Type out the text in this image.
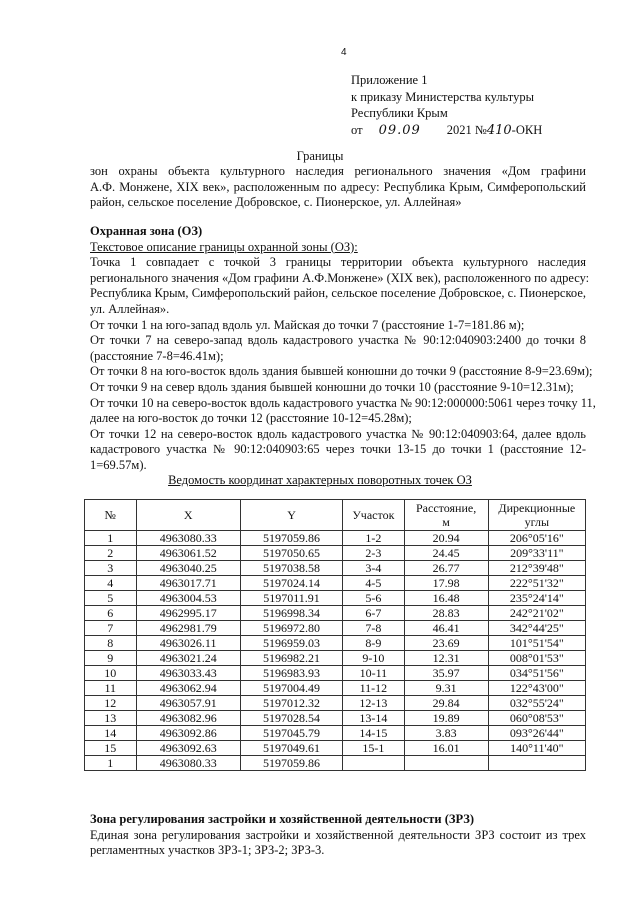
4
Приложение 1
к приказу Министерства культуры
Республики Крым
от 09.09 2021 №410-ОКН
Границы
зон охраны объекта культурного наследия регионального значения «Дом графини
А.Ф. Монжене, XIX век», расположенным по адресу: Республика Крым, Симферопольский
район, сельское поселение Добровское, с. Пионерское, ул. Аллейная»
Охранная зона (ОЗ)
Текстовое описание границы охранной зоны (ОЗ):
Точка 1 совпадает с точкой 3 границы территории объекта культурного наследия
регионального значения «Дом графини А.Ф.Монжене» (XIX век), расположенного по адресу:
Республика Крым, Симферопольский район, сельское поселение Добровское, с. Пионерское,
ул. Аллейная».
От точки 1 на юго-запад вдоль ул. Майская до точки 7 (расстояние 1-7=181.86 м);
От точки 7 на северо-запад вдоль кадастрового участка № 90:12:040903:2400 до точки 8
(расстояние 7-8=46.41м);
От точки 8 на юго-восток вдоль здания бывшей конюшни до точки 9 (расстояние 8-9=23.69м);
От точки 9 на север вдоль здания бывшей конюшни до точки 10 (расстояние 9-10=12.31м);
От точки 10 на северо-восток вдоль кадастрового участка № 90:12:000000:5061 через точку 11,
далее на юго-восток до точки 12 (расстояние 10-12=45.28м);
От точки 12 на северо-восток вдоль кадастрового участка № 90:12:040903:64, далее вдоль
кадастрового участка № 90:12:040903:65 через точки 13-15 до точки 1 (расстояние 12-
1=69.57м).
Ведомость координат характерных поворотных точек ОЗ
№	X	Y	Участок	Расстояние,
м	Дирекционные
углы
1	4963080.33	5197059.86	1-2	20.94	206°05'16"
2	4963061.52	5197050.65	2-3	24.45	209°33'11"
3	4963040.25	5197038.58	3-4	26.77	212°39'48"
4	4963017.71	5197024.14	4-5	17.98	222°51'32"
5	4963004.53	5197011.91	5-6	16.48	235°24'14"
6	4962995.17	5196998.34	6-7	28.83	242°21'02"
7	4962981.79	5196972.80	7-8	46.41	342°44'25"
8	4963026.11	5196959.03	8-9	23.69	101°51'54"
9	4963021.24	5196982.21	9-10	12.31	008°01'53"
10	4963033.43	5196983.93	10-11	35.97	034°51'56"
11	4963062.94	5197004.49	11-12	9.31	122°43'00"
12	4963057.91	5197012.32	12-13	29.84	032°55'24"
13	4963082.96	5197028.54	13-14	19.89	060°08'53"
14	4963092.86	5197045.79	14-15	3.83	093°26'44"
15	4963092.63	5197049.61	15-1	16.01	140°11'40"
1	4963080.33	5197059.86			
Зона регулирования застройки и хозяйственной деятельности (ЗРЗ)
Единая зона регулирования застройки и хозяйственной деятельности ЗРЗ состоит из трех
регламентных участков ЗРЗ-1; ЗРЗ-2; ЗРЗ-3.
